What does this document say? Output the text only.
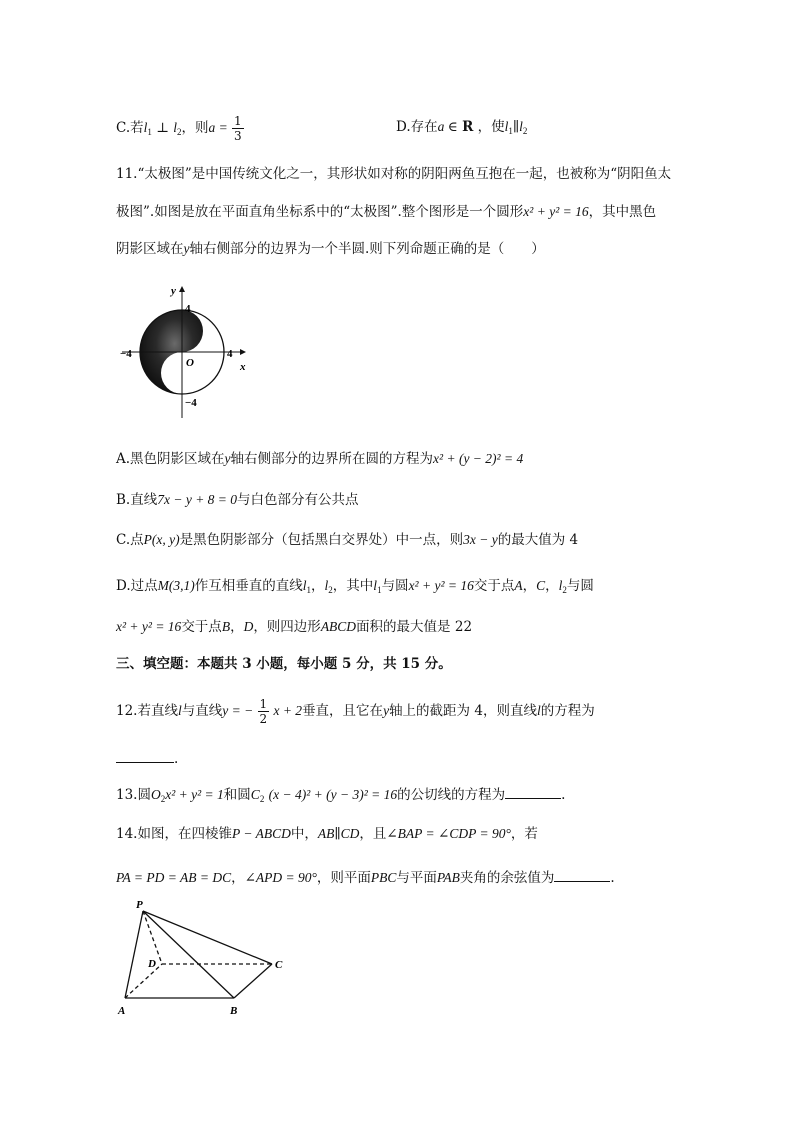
C.若$l_1$ ⊥ $l_2$，则$a = \frac{1}{3}$	D.存在a ∈ R ，使$l_1\parallel l_2$
11.“太极图”是中国传统文化之一，其形状如对称的阴阳两鱼互抱在一起，也被称为“阴阳鱼太
极图”.如图是放在平面直角坐标系中的“太极图”.整个图形是一个圆形x² + y² = 16，其中黑色
阴影区域在y轴右侧部分的边界为一个半圆.则下列命题正确的是（　　）
y
x
O
4
−4
−4	4
A.黑色阴影区域在y轴右侧部分的边界所在圆的方程为x² + (y − 2)² = 4
B.直线7x − y + 8 = 0与白色部分有公共点
C.点P(x, y)是黑色阴影部分（包括黑白交界处）中一点，则3x − y的最大值为 4
D.过点M(3,1)作互相垂直的直线$l_1$，$l_2$，其中$l_1$与圆x² + y² = 16交于点A，C，$l_2$与圆
x² + y² = 16交于点B，D，则四边形ABCD面积的最大值是 22
三、填空题：本题共 3 小题，每小题 5 分，共 15 分。
12.若直线l与直线y = − $\frac{1}{2}$ x + 2垂直，且它在y轴上的截距为 4，则直线l的方程为
.
13.圆$O_2x^2 + y^2 = 1$和圆$C_2$ (x − 4)² + (y − 3)² = 16的公切线的方程为	.
14.如图，在四棱锥P − ABCD中，AB∥CD，且∠BAP = ∠CDP = 90°，若
PA = PD = AB = DC，∠APD = 90°，则平面PBC与平面PAB夹角的余弦值为	.
P
D	C
A	B
